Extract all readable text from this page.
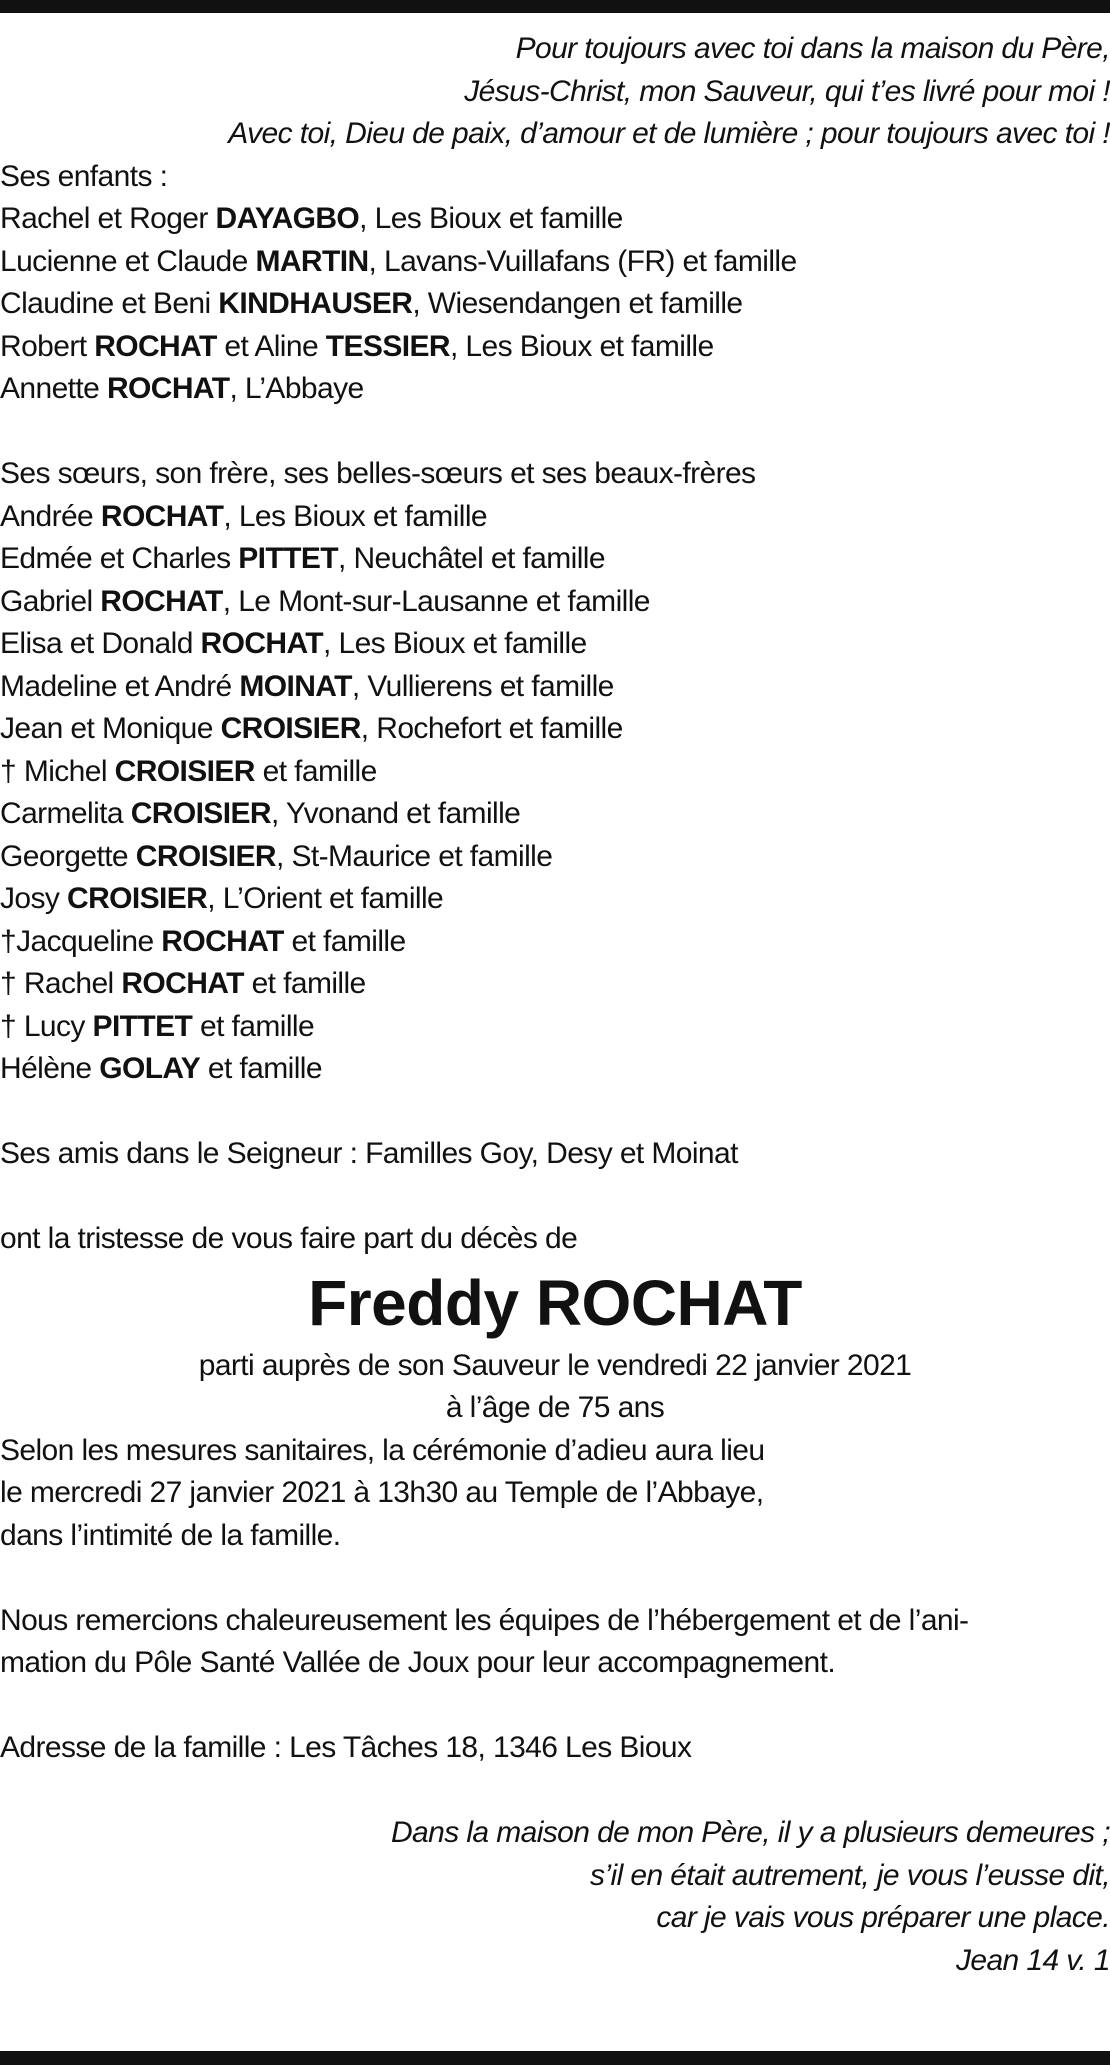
Pour toujours avec toi dans la maison du Père,
Jésus-Christ, mon Sauveur, qui t’es livré pour moi !
Avec toi, Dieu de paix, d’amour et de lumière ; pour toujours avec toi !
Ses enfants :
Rachel et Roger DAYAGBO, Les Bioux et famille
Lucienne et Claude MARTIN, Lavans-Vuillafans (FR) et famille
Claudine et Beni KINDHAUSER, Wiesendangen et famille
Robert ROCHAT et Aline TESSIER, Les Bioux et famille
Annette ROCHAT, L’Abbaye
Ses sœurs, son frère, ses belles-sœurs et ses beaux-frères
Andrée ROCHAT, Les Bioux et famille
Edmée et Charles PITTET, Neuchâtel et famille
Gabriel ROCHAT, Le Mont-sur-Lausanne et famille
Elisa et Donald ROCHAT, Les Bioux et famille
Madeline et André MOINAT, Vullierens et famille
Jean et Monique CROISIER, Rochefort et famille
† Michel CROISIER et famille
Carmelita CROISIER, Yvonand et famille
Georgette CROISIER, St-Maurice et famille
Josy CROISIER, L’Orient et famille
†Jacqueline ROCHAT et famille
† Rachel ROCHAT et famille
† Lucy PITTET et famille
Hélène GOLAY et famille
Ses amis dans le Seigneur : Familles Goy, Desy et Moinat
ont la tristesse de vous faire part du décès de
Freddy ROCHAT
parti auprès de son Sauveur le vendredi 22 janvier 2021
à l’âge de 75 ans
Selon les mesures sanitaires, la cérémonie d’adieu aura lieu
le mercredi 27 janvier 2021 à 13h30 au Temple de l’Abbaye,
dans l’intimité de la famille.
Nous remercions chaleureusement les équipes de l’hébergement et de l’ani-
mation du Pôle Santé Vallée de Joux pour leur accompagnement.
Adresse de la famille : Les Tâches 18, 1346 Les Bioux
Dans la maison de mon Père, il y a plusieurs demeures ;
s’il en était autrement, je vous l’eusse dit,
car je vais vous préparer une place.
Jean 14 v. 1
